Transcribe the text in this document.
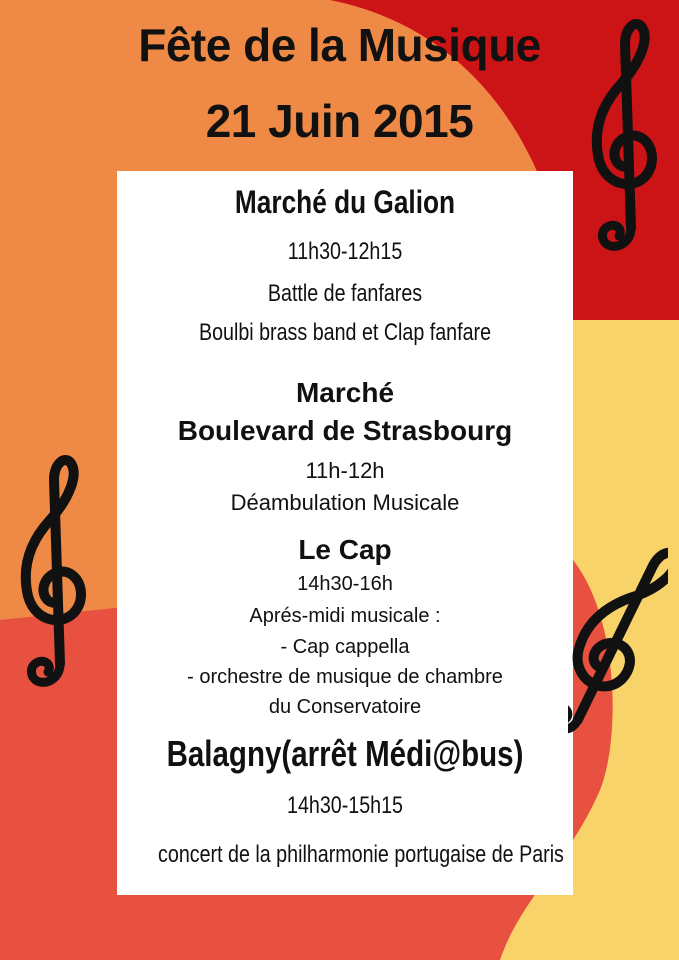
Fête de la Musique
21 Juin 2015
Marché du Galion
11h30-12h15
Battle de fanfares
Boulbi brass band et Clap fanfare
Marché
Boulevard de Strasbourg
11h-12h
Déambulation Musicale
Le Cap
14h30-16h
Aprés-midi musicale :
- Cap cappella
- orchestre de musique de chambre
du Conservatoire
Balagny(arrêt Médi@bus)
14h30-15h15
concert de la philharmonie portugaise de Paris
